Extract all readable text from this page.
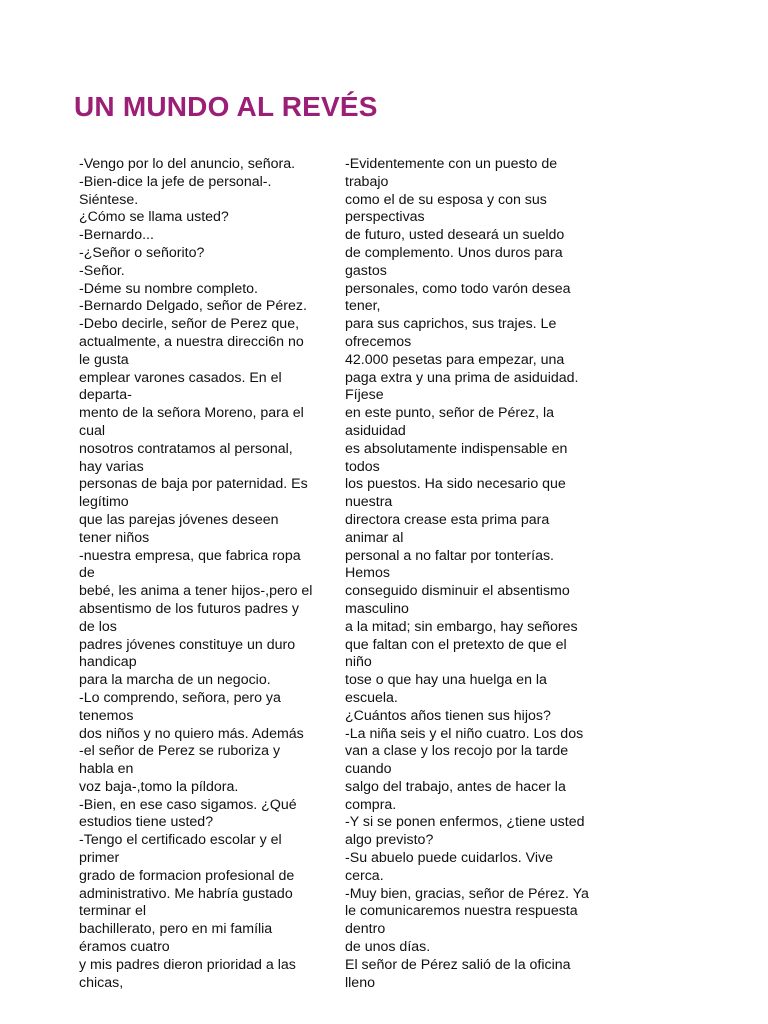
UN MUNDO AL REVÉS
-Vengo por lo del anuncio, señora.
-Bien-dice la jefe de personal-.
Siéntese.
¿Cómo se llama usted?
-Bernardo...
-¿Señor o señorito?
-Señor.
-Déme su nombre completo.
-Bernardo Delgado, señor de Pérez.
-Debo decirle, señor de Perez que,
actualmente, a nuestra direcci6n no
le gusta
emplear varones casados. En el
departa-
mento de la señora Moreno, para el
cual
nosotros contratamos al personal,
hay varias
personas de baja por paternidad. Es
legítimo
que las parejas jóvenes deseen
tener niños
-nuestra empresa, que fabrica ropa
de
bebé, les anima a tener hijos-,pero el
absentismo de los futuros padres y
de los
padres jóvenes constituye un duro
handicap
para la marcha de un negocio.
-Lo comprendo, señora, pero ya
tenemos
dos niños y no quiero más. Además
-el señor de Perez se ruboriza y
habla en
voz baja-,tomo la píldora.
-Bien, en ese caso sigamos. ¿Qué
estudios tiene usted?
-Tengo el certificado escolar y el
primer
grado de formacion profesional de
administrativo. Me habría gustado
terminar el
bachillerato, pero en mi família
éramos cuatro
y mis padres dieron prioridad a las
chicas,
-Evidentemente con un puesto de
trabajo
como el de su esposa y con sus
perspectivas
de futuro, usted deseará un sueldo
de complemento. Unos duros para
gastos
personales, como todo varón desea
tener,
para sus caprichos, sus trajes. Le
ofrecemos
42.000 pesetas para empezar, una
paga extra y una prima de asiduidad.
Fíjese
en este punto, señor de Pérez, la
asiduidad
es absolutamente indispensable en
todos
los puestos. Ha sido necesario que
nuestra
directora crease esta prima para
animar al
personal a no faltar por tonterías.
Hemos
conseguido disminuir el absentismo
masculino
a la mitad; sin embargo, hay señores
que faltan con el pretexto de que el
niño
tose o que hay una huelga en la
escuela.
¿Cuántos años tienen sus hijos?
-La niña seis y el niño cuatro. Los dos
van a clase y los recojo por la tarde
cuando
salgo del trabajo, antes de hacer la
compra.
-Y si se ponen enfermos, ¿tiene usted
algo previsto?
-Su abuelo puede cuidarlos. Vive
cerca.
-Muy bien, gracias, señor de Pérez. Ya
le comunicaremos nuestra respuesta
dentro
de unos días.
El señor de Pérez salió de la oficina
lleno
